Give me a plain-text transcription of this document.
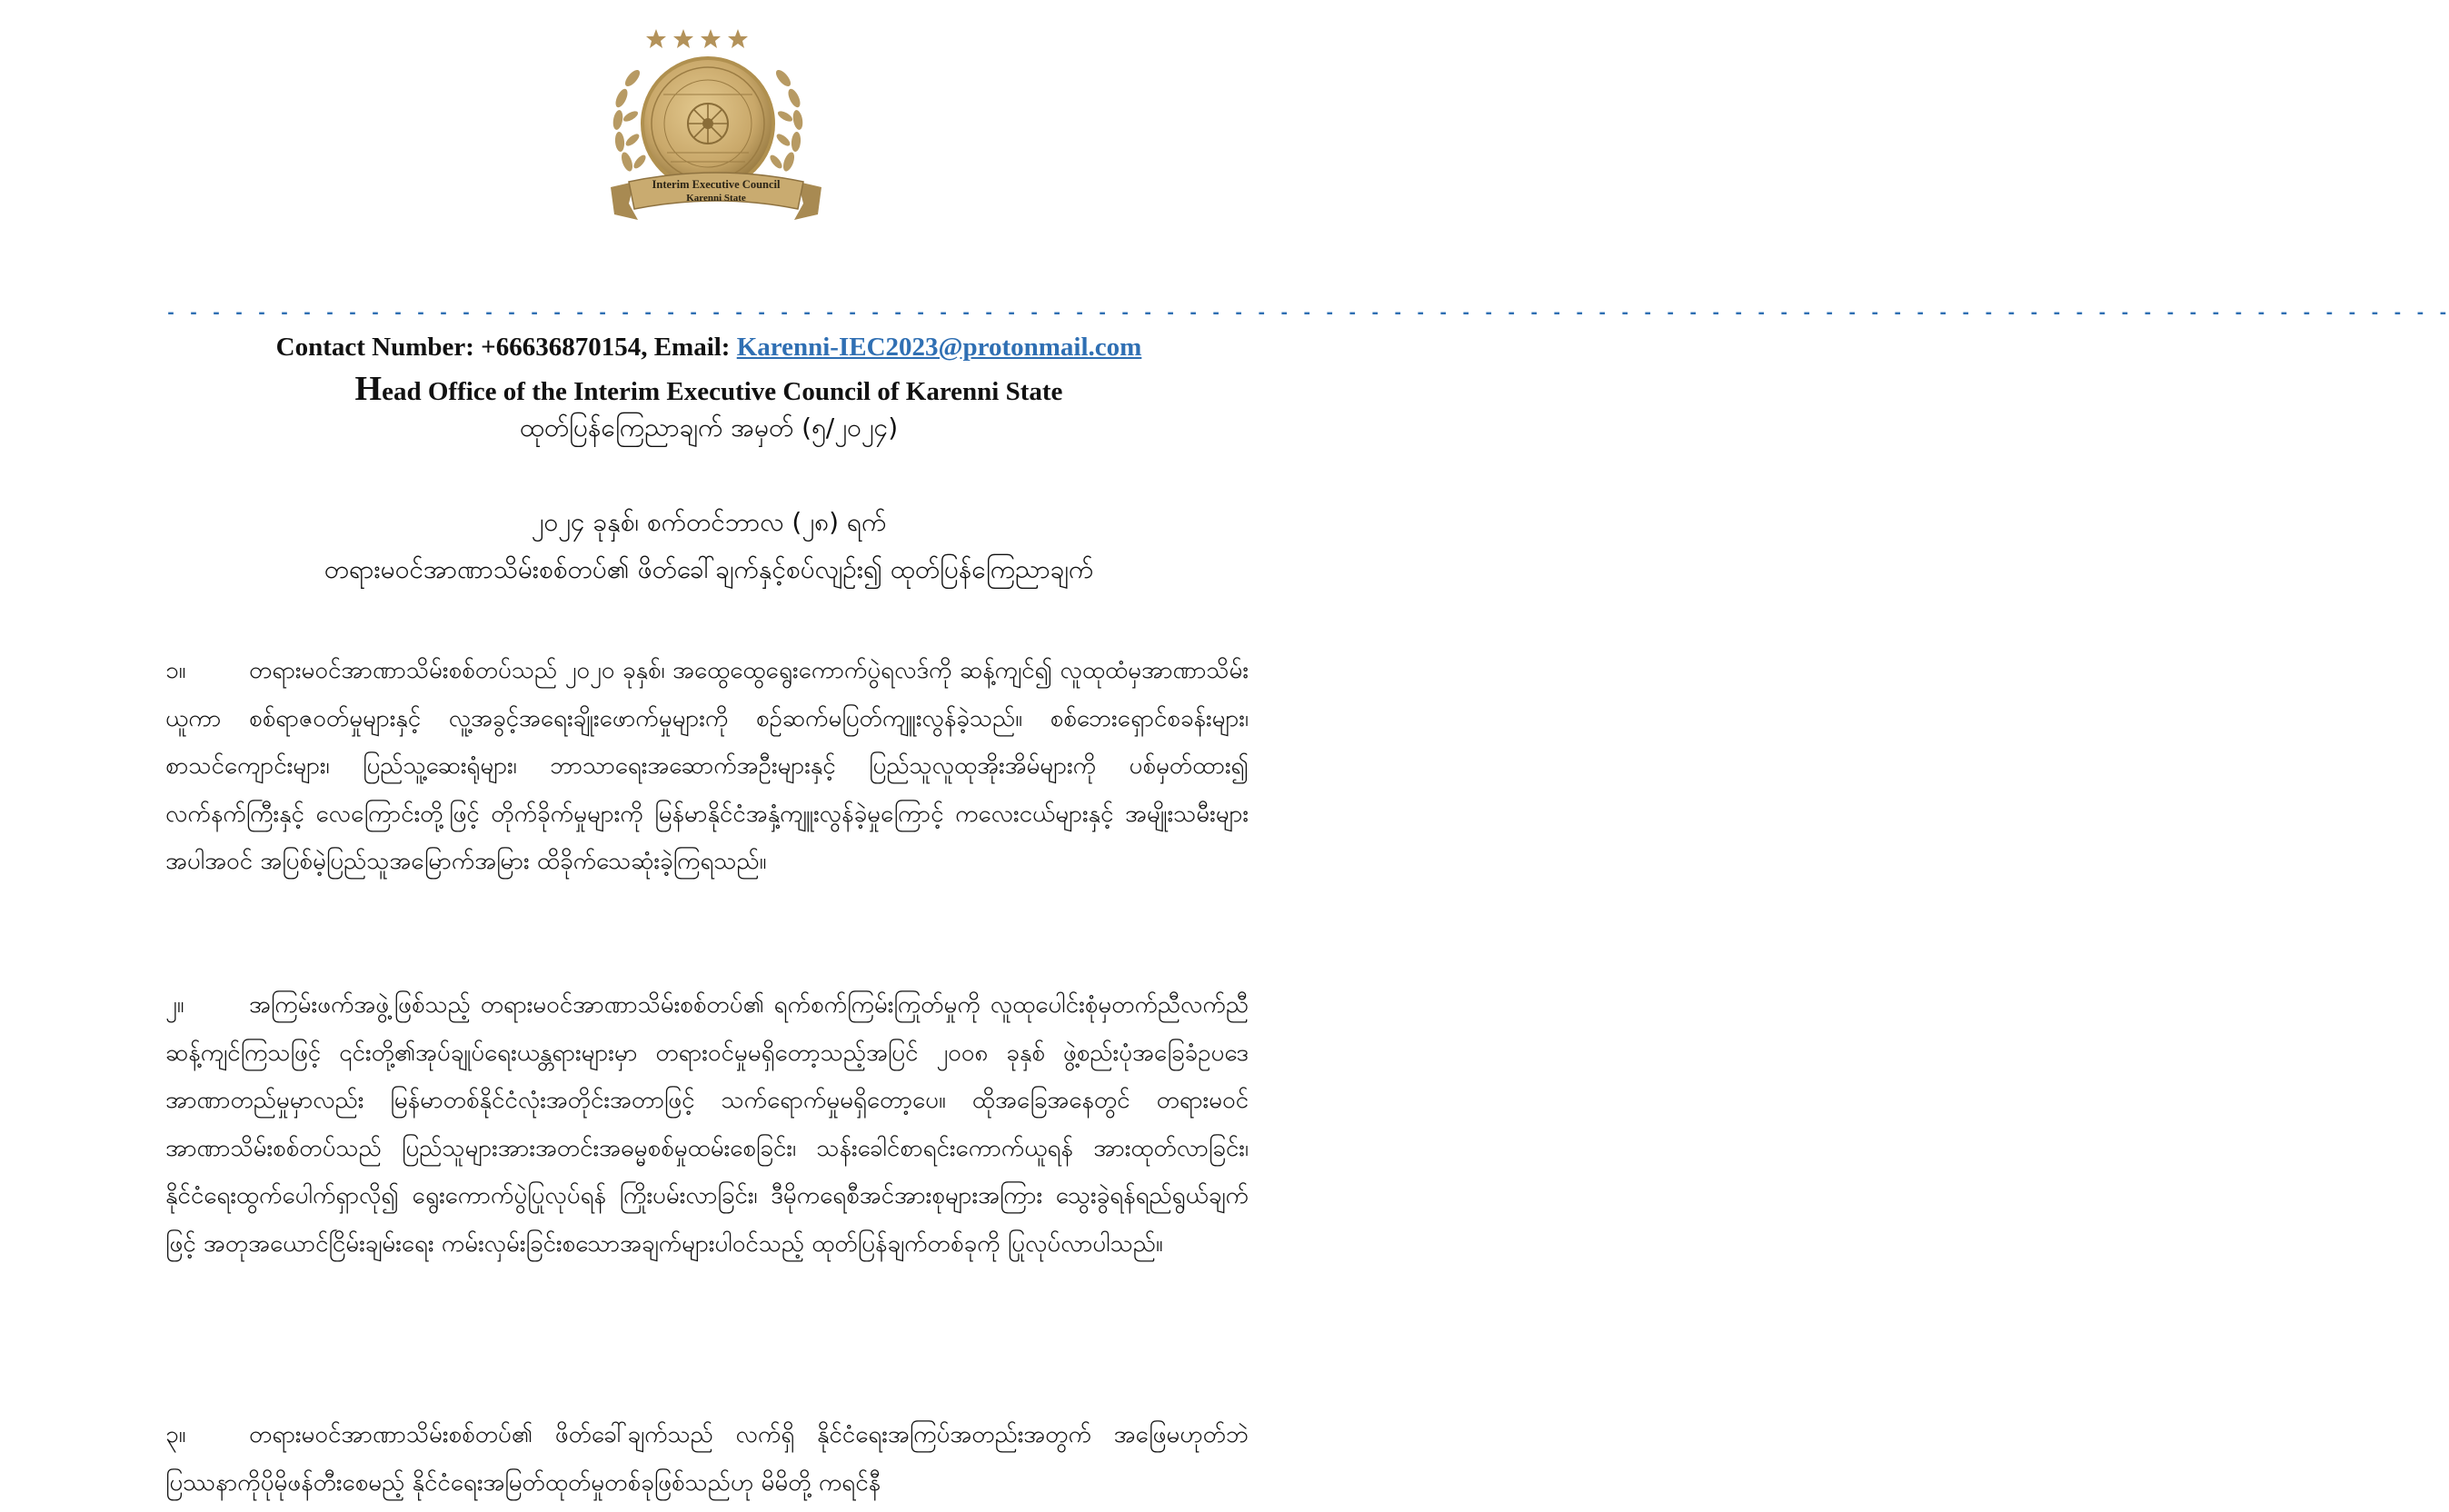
Interim Executive Council
Karenni State
- - - - - - - - - - - - - - - - - - - - - - - - - - - - - - - - - - - - - - - - - - - - - - - - - - - - - - - - - - - - - - - - - - - - - - - - - - - - - - - - - - - - - - - - - - - - - - - - - - - - -
Contact Number: +66636870154, Email: Karenni-IEC2023@protonmail.com
Head Office of the Interim Executive Council of Karenni State
ထုတ်ပြန်ကြေညာချက် အမှတ် (၅/၂၀၂၄)
၂၀၂၄ ခုနှစ်၊ စက်တင်ဘာလ (၂၈) ရက်
တရားမဝင်အာဏာသိမ်းစစ်တပ်၏ ဖိတ်ခေါ်ချက်နှင့်စပ်လျဉ်း၍ ထုတ်ပြန်ကြေညာချက်
၁။	တရားမဝင်အာဏာသိမ်းစစ်တပ်သည် ၂၀၂၀ ခုနှစ်၊ အထွေထွေရွေးကောက်ပွဲရလဒ်ကို ဆန့်ကျင်၍ လူထုထံမှအာဏာသိမ်းယူကာ စစ်ရာဇဝတ်မှုများနှင့် လူ့အခွင့်အရေးချိုးဖောက်မှုများကို စဉ်ဆက်မပြတ်ကျူးလွန်ခဲ့သည်။ စစ်ဘေးရှောင်စခန်းများ၊ စာသင်ကျောင်းများ၊ ပြည်သူ့ဆေးရုံများ၊ ဘာသာရေးအဆောက်အဦးများနှင့် ပြည်သူလူထုအိုးအိမ်များကို ပစ်မှတ်ထား၍ လက်နက်ကြီးနှင့် လေကြောင်းတို့ဖြင့် တိုက်ခိုက်မှုများကို မြန်မာနိုင်ငံအနှံ့ကျူးလွန်ခဲ့မှုကြောင့် ကလေးငယ်များနှင့် အမျိုးသမီးများအပါအဝင် အပြစ်မဲ့ပြည်သူအမြောက်အမြား ထိခိုက်သေဆုံးခဲ့ကြရသည်။
၂။	အကြမ်းဖက်အဖွဲ့ဖြစ်သည့် တရားမဝင်အာဏာသိမ်းစစ်တပ်၏ ရက်စက်ကြမ်းကြုတ်မှုကို လူထုပေါင်းစုံမှတက်ညီလက်ညီ ဆန့်ကျင်ကြသဖြင့် ၎င်းတို့၏အုပ်ချုပ်ရေးယန္တရားများမှာ တရားဝင်မှုမရှိတော့သည့်အပြင် ၂၀၀၈ ခုနှစ် ဖွဲ့စည်းပုံအခြေခံဥပဒေ အာဏာတည်မှုမှာလည်း မြန်မာတစ်နိုင်ငံလုံးအတိုင်းအတာဖြင့် သက်ရောက်မှုမရှိတော့ပေ။ ထိုအခြေအနေတွင် တရားမဝင်အာဏာသိမ်းစစ်တပ်သည် ပြည်သူများအားအတင်းအဓမ္မစစ်မှုထမ်းစေခြင်း၊ သန်းခေါင်စာရင်းကောက်ယူရန် အားထုတ်လာခြင်း၊ နိုင်ငံရေးထွက်ပေါက်ရှာလို၍ ရွေးကောက်ပွဲပြုလုပ်ရန် ကြိုးပမ်းလာခြင်း၊ ဒီမိုကရေစီအင်အားစုများအကြား သွေးခွဲရန်ရည်ရွယ်ချက်ဖြင့် အတုအယောင်ငြိမ်းချမ်းရေး ကမ်းလှမ်းခြင်းစသောအချက်များပါဝင်သည့် ထုတ်ပြန်ချက်တစ်ခုကို ပြုလုပ်လာပါသည်။
၃။	တရားမဝင်အာဏာသိမ်းစစ်တပ်၏ ဖိတ်ခေါ်ချက်သည် လက်ရှိ နိုင်ငံရေးအကြပ်အတည်းအတွက် အဖြေမဟုတ်ဘဲ ပြဿနာကိုပိုမိုဖန်တီးစေမည့် နိုင်ငံရေးအမြတ်ထုတ်မှုတစ်ခုဖြစ်သည်ဟု မိမိတို့ ကရင်နီ
